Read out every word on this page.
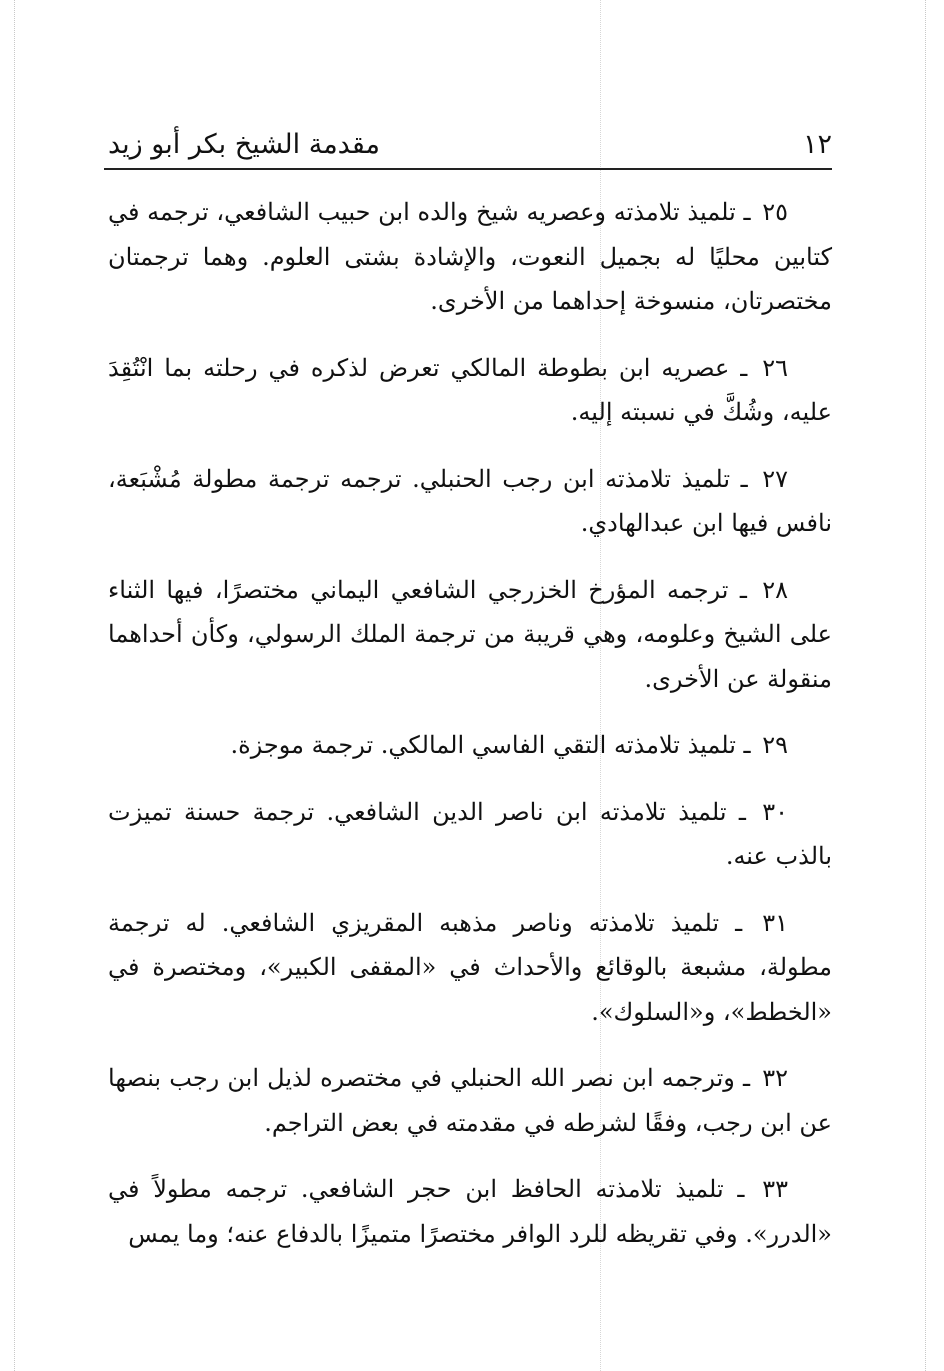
١٢
مقدمة الشيخ بكر أبو زيد

٢٥ ـ تلميذ تلامذته وعصريه شيخ والده ابن حبيب الشافعي، ترجمه في كتابين محليًا له بجميل النعوت، والإشادة بشتى العلوم. وهما ترجمتان مختصرتان، منسوخة إحداهما من الأخرى.

٢٦ ـ عصريه ابن بطوطة المالكي تعرض لذكره في رحلته بما انْتُقِدَ عليه، وشُكَّ في نسبته إليه.

٢٧ ـ تلميذ تلامذته ابن رجب الحنبلي. ترجمه ترجمة مطولة مُشْبَعة، نافس فيها ابن عبدالهادي.

٢٨ ـ ترجمه المؤرخ الخزرجي الشافعي اليماني مختصرًا، فيها الثناء على الشيخ وعلومه، وهي قريبة من ترجمة الملك الرسولي، وكأن أحداهما منقولة عن الأخرى.

٢٩ ـ تلميذ تلامذته التقي الفاسي المالكي. ترجمة موجزة.

٣٠ ـ تلميذ تلامذته ابن ناصر الدين الشافعي. ترجمة حسنة تميزت بالذب عنه.

٣١ ـ تلميذ تلامذته وناصر مذهبه المقريزي الشافعي. له ترجمة مطولة، مشبعة بالوقائع والأحداث في «المقفى الكبير»، ومختصرة في «الخطط»، و«السلوك».

٣٢ ـ وترجمه ابن نصر الله الحنبلي في مختصره لذيل ابن رجب بنصها عن ابن رجب، وفقًا لشرطه في مقدمته في بعض التراجم.

٣٣ ـ تلميذ تلامذته الحافظ ابن حجر الشافعي. ترجمه مطولاً في «الدرر». وفي تقريظه للرد الوافر مختصرًا متميزًا بالدفاع عنه؛ وما يمس
